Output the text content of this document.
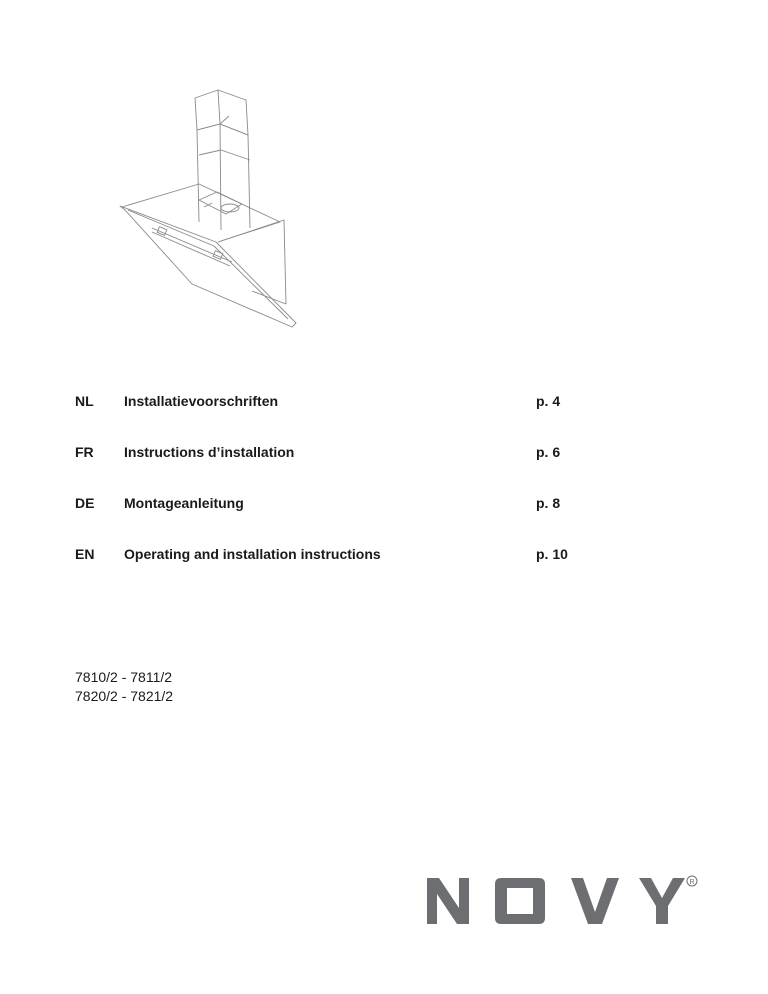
NL Installatievoorschriften	p. 4
FR Instructions d’installation	p. 6
DE Montageanleitung	p. 8
EN Operating and installation instructions	p. 10
7810/2 - 7811/2
7820/2 - 7821/2
R
